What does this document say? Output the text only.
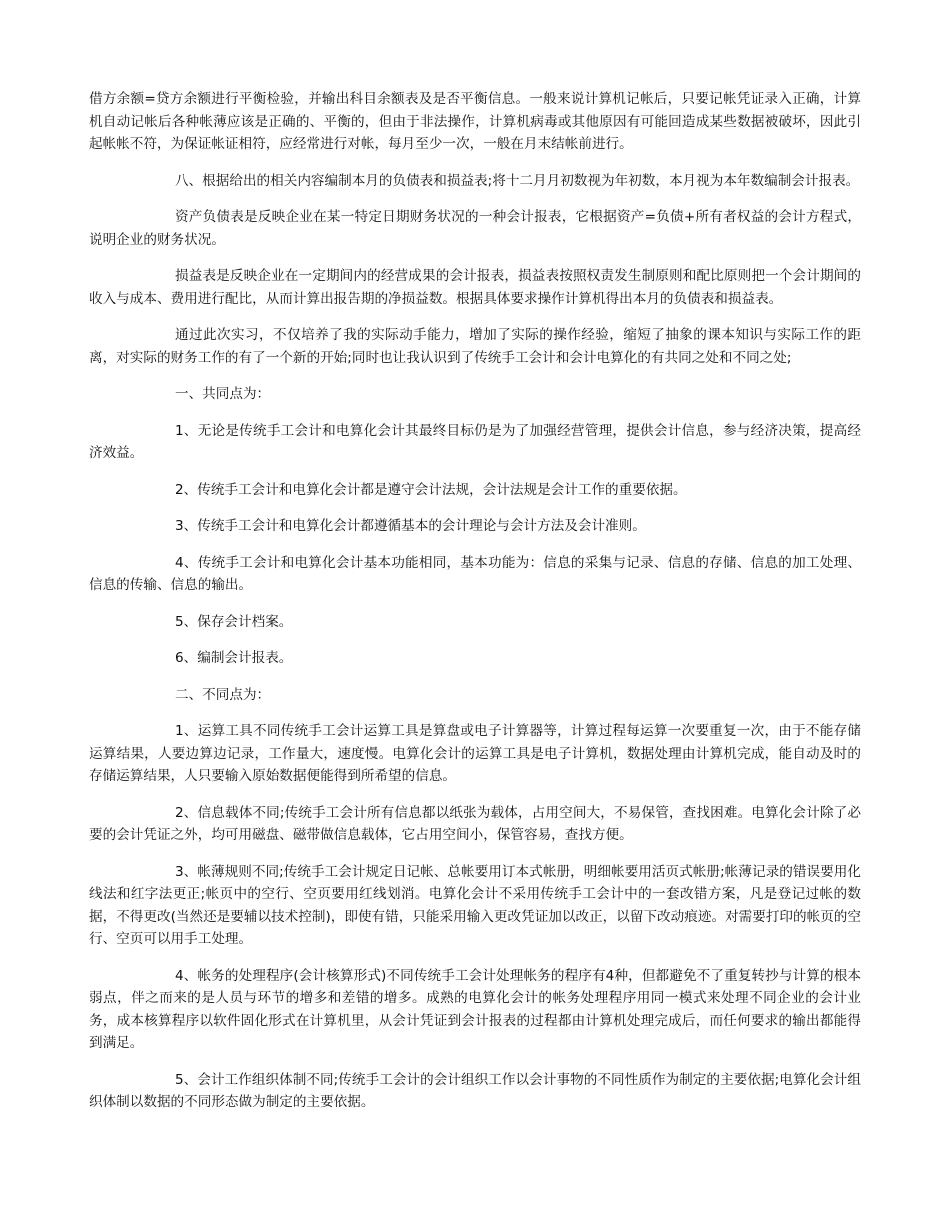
借方余额=贷方余额进行平衡检验，并输出科目余额表及是否平衡信息。一般来说计算机记帐后，只要记帐凭证录入正确，计算机自动记帐后各种帐薄应该是正确的、平衡的，但由于非法操作，计算机病毒或其他原因有可能回造成某些数据被破坏，因此引起帐帐不符，为保证帐证相符，应经常进行对帐，每月至少一次，一般在月末结帐前进行。

八、根据给出的相关内容编制本月的负债表和损益表;将十二月月初数视为年初数，本月视为本年数编制会计报表。

资产负债表是反映企业在某一特定日期财务状况的一种会计报表，它根据资产=负债+所有者权益的会计方程式，说明企业的财务状况。

损益表是反映企业在一定期间内的经营成果的会计报表，损益表按照权责发生制原则和配比原则把一个会计期间的收入与成本、费用进行配比，从而计算出报告期的净损益数。根据具体要求操作计算机得出本月的负债表和损益表。

通过此次实习，不仅培养了我的实际动手能力，增加了实际的操作经验，缩短了抽象的课本知识与实际工作的距离，对实际的财务工作的有了一个新的开始;同时也让我认识到了传统手工会计和会计电算化的有共同之处和不同之处;

一、共同点为：

1、无论是传统手工会计和电算化会计其最终目标仍是为了加强经营管理，提供会计信息，参与经济决策，提高经济效益。

2、传统手工会计和电算化会计都是遵守会计法规，会计法规是会计工作的重要依据。

3、传统手工会计和电算化会计都遵循基本的会计理论与会计方法及会计准则。

4、传统手工会计和电算化会计基本功能相同，基本功能为：信息的采集与记录、信息的存储、信息的加工处理、信息的传输、信息的输出。

5、保存会计档案。

6、编制会计报表。

二、不同点为：

1、运算工具不同传统手工会计运算工具是算盘或电子计算器等，计算过程每运算一次要重复一次，由于不能存储运算结果，人要边算边记录，工作量大，速度慢。电算化会计的运算工具是电子计算机，数据处理由计算机完成，能自动及时的存储运算结果，人只要输入原始数据便能得到所希望的信息。

2、信息载体不同;传统手工会计所有信息都以纸张为载体，占用空间大，不易保管，查找困难。电算化会计除了必要的会计凭证之外，均可用磁盘、磁带做信息载体，它占用空间小，保管容易，查找方便。

3、帐薄规则不同;传统手工会计规定日记帐、总帐要用订本式帐册，明细帐要用活页式帐册;帐薄记录的错误要用化线法和红字法更正;帐页中的空行、空页要用红线划消。电算化会计不采用传统手工会计中的一套改错方案，凡是登记过帐的数据，不得更改(当然还是要辅以技术控制)，即使有错，只能采用输入更改凭证加以改正，以留下改动痕迹。对需要打印的帐页的空行、空页可以用手工处理。

4、帐务的处理程序(会计核算形式)不同传统手工会计处理帐务的程序有4种，但都避免不了重复转抄与计算的根本弱点，伴之而来的是人员与环节的增多和差错的增多。成熟的电算化会计的帐务处理程序用同一模式来处理不同企业的会计业务，成本核算程序以软件固化形式在计算机里，从会计凭证到会计报表的过程都由计算机处理完成后，而任何要求的输出都能得到满足。

5、会计工作组织体制不同;传统手工会计的会计组织工作以会计事物的不同性质作为制定的主要依据;电算化会计组织体制以数据的不同形态做为制定的主要依据。
